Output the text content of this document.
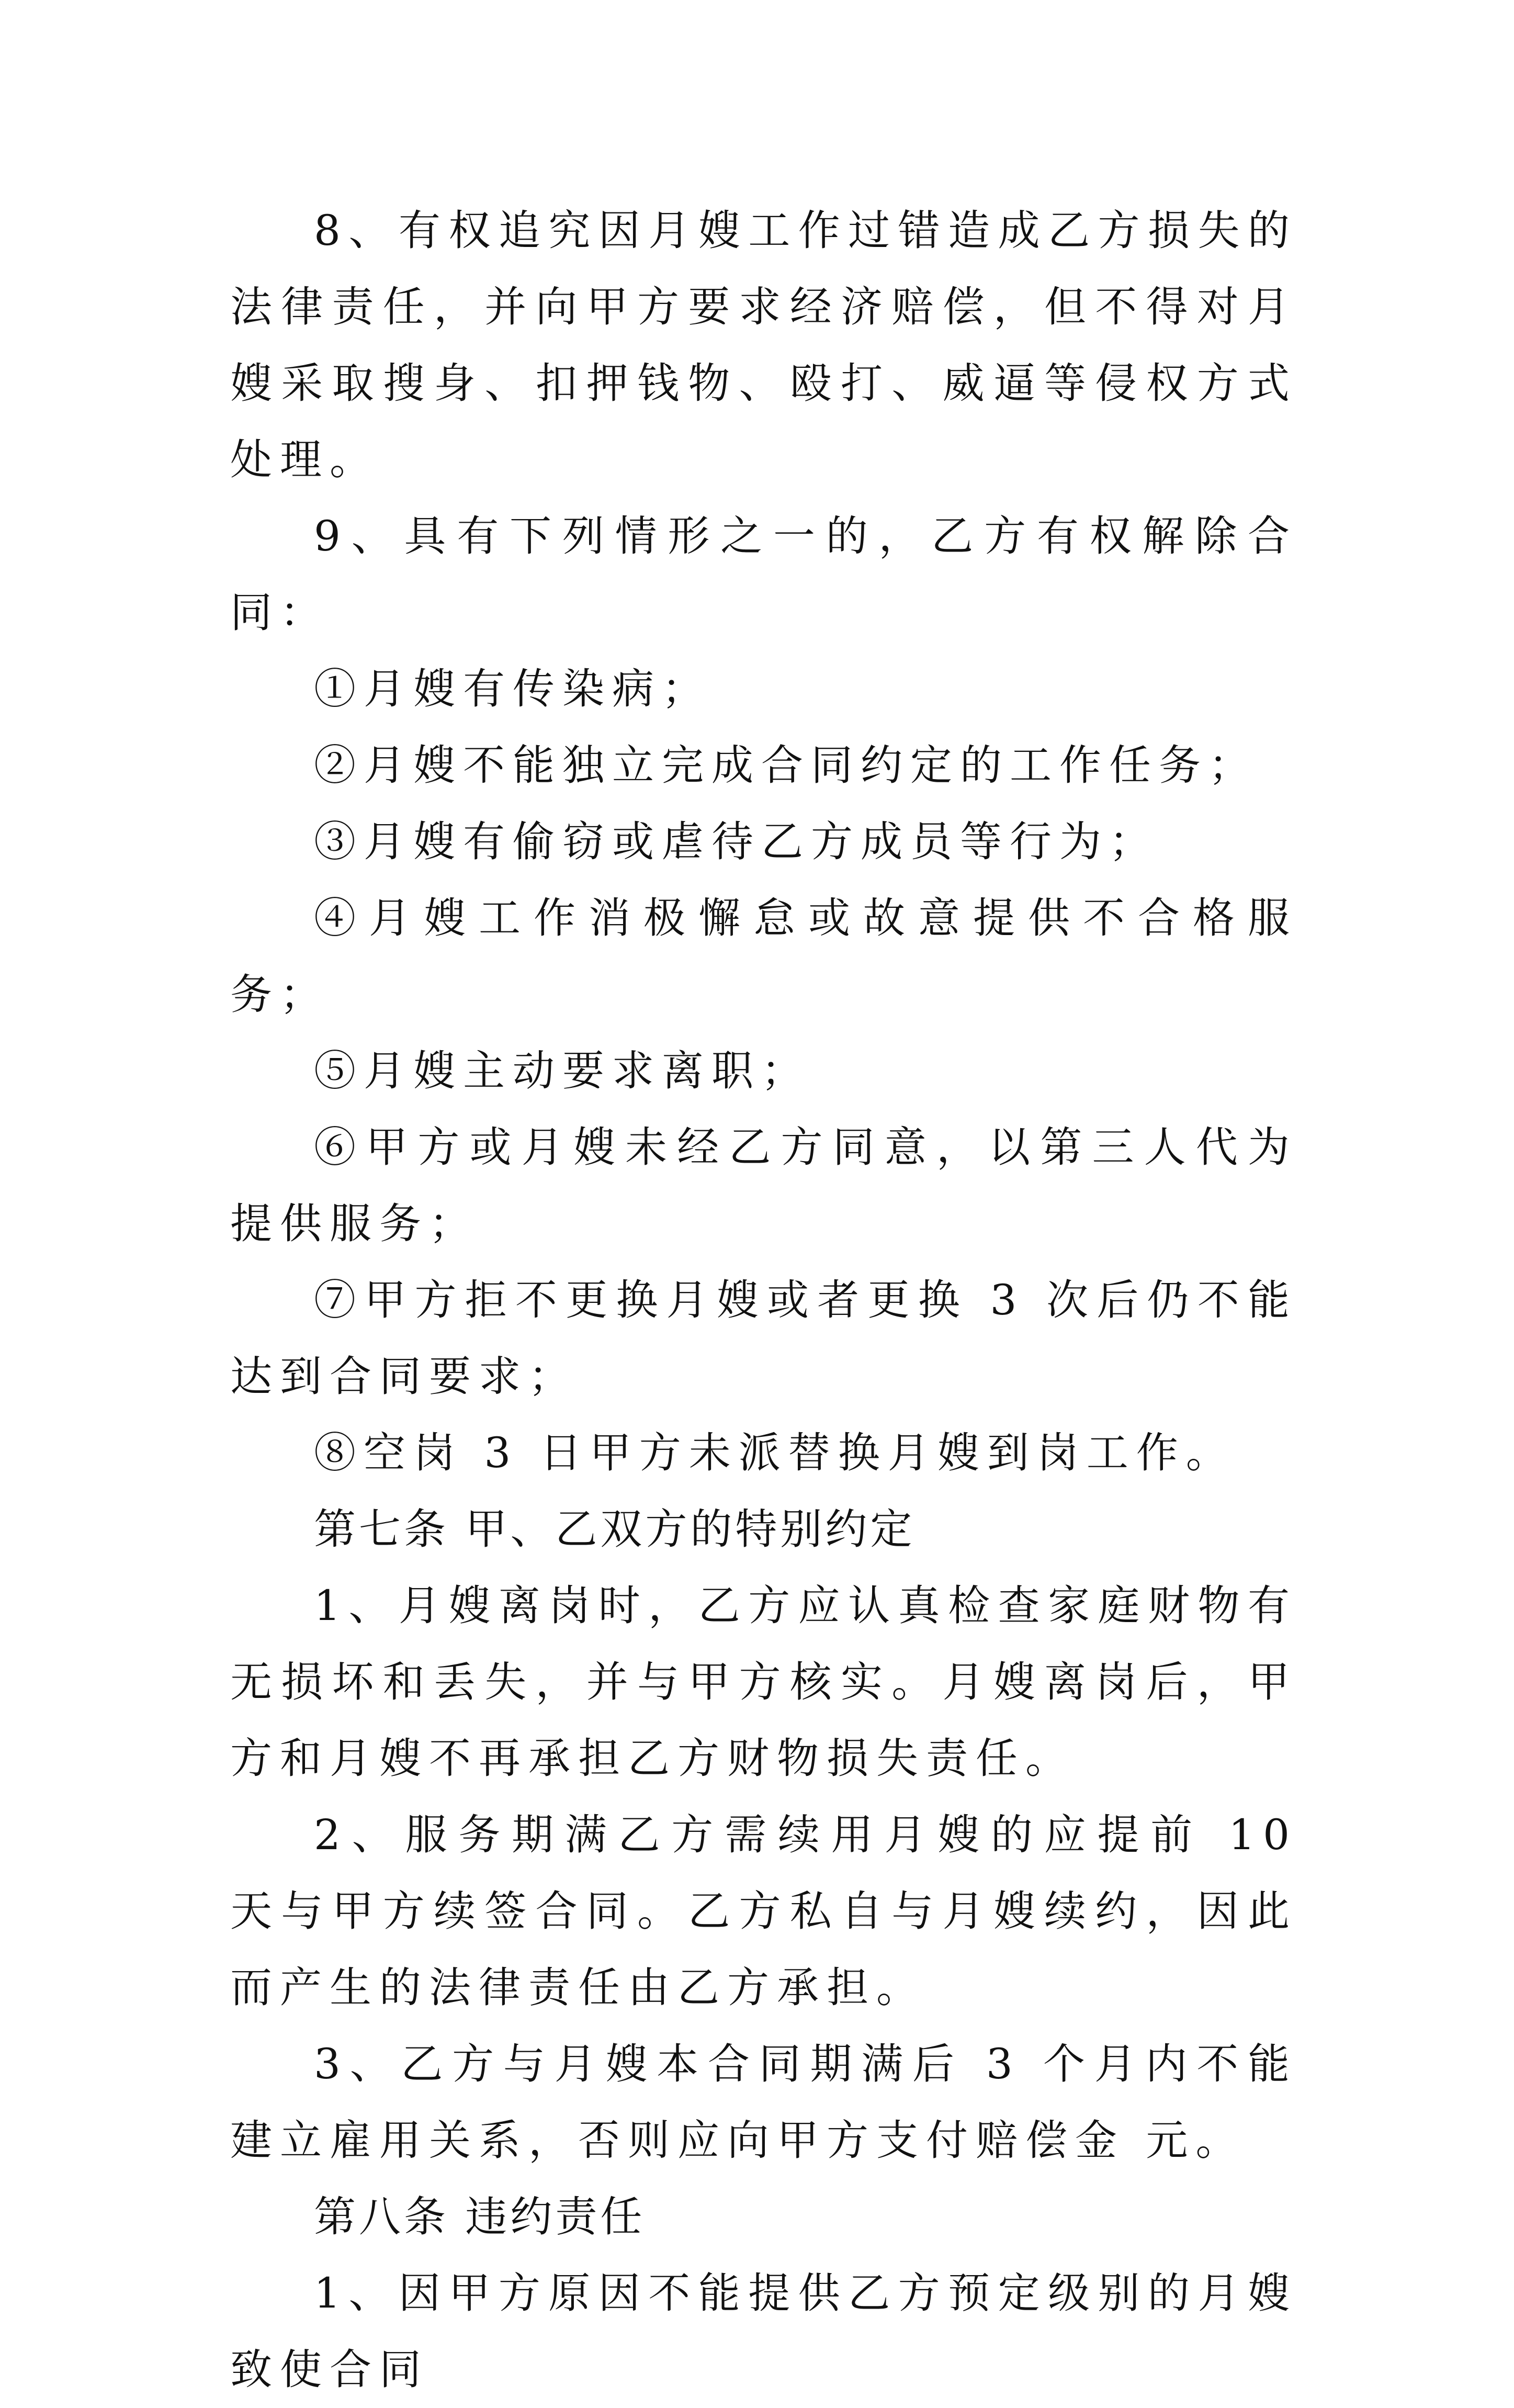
8、有权追究因月嫂工作过错造成乙方损失的法律责任，并向甲方要求经济赔偿，但不得对月嫂采取搜身、扣押钱物、殴打、威逼等侵权方式处理。

9、具有下列情形之一的，乙方有权解除合同：

①月嫂有传染病；

②月嫂不能独立完成合同约定的工作任务；

③月嫂有偷窃或虐待乙方成员等行为；

④月嫂工作消极懈怠或故意提供不合格服务；

⑤月嫂主动要求离职；

⑥甲方或月嫂未经乙方同意，以第三人代为提供服务；

⑦甲方拒不更换月嫂或者更换 3 次后仍不能达到合同要求；

⑧空岗 3 日甲方未派替换月嫂到岗工作。

第七条 甲、乙双方的特别约定

1、月嫂离岗时，乙方应认真检查家庭财物有无损坏和丢失，并与甲方核实。月嫂离岗后，甲方和月嫂不再承担乙方财物损失责任。

2、服务期满乙方需续用月嫂的应提前 10 天与甲方续签合同。乙方私自与月嫂续约，因此而产生的法律责任由乙方承担。

3、乙方与月嫂本合同期满后 3 个月内不能建立雇用关系，否则应向甲方支付赔偿金 元。

第八条 违约责任

1、因甲方原因不能提供乙方预定级别的月嫂致使合同
